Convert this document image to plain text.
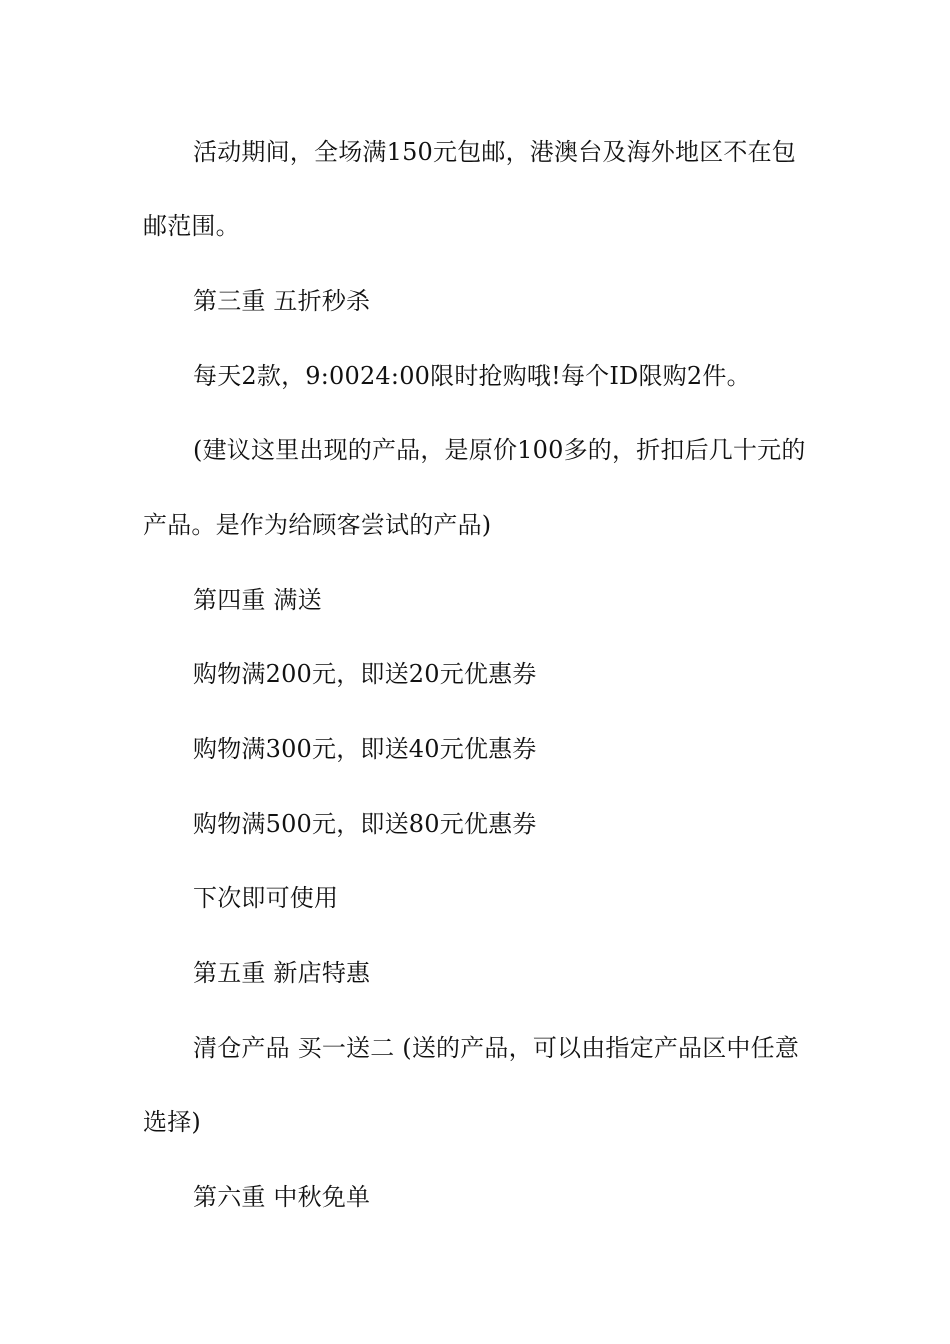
活动期间，全场满150元包邮，港澳台及海外地区不在包

邮范围。

第三重 五折秒杀

每天2款，9:0024:00限时抢购哦!每个ID限购2件。

(建议这里出现的产品，是原价100多的，折扣后几十元的

产品。是作为给顾客尝试的产品)

第四重 满送

购物满200元，即送20元优惠券

购物满300元，即送40元优惠券

购物满500元，即送80元优惠券

下次即可使用

第五重 新店特惠

清仓产品 买一送二 (送的产品，可以由指定产品区中任意

选择)

第六重 中秋免单
